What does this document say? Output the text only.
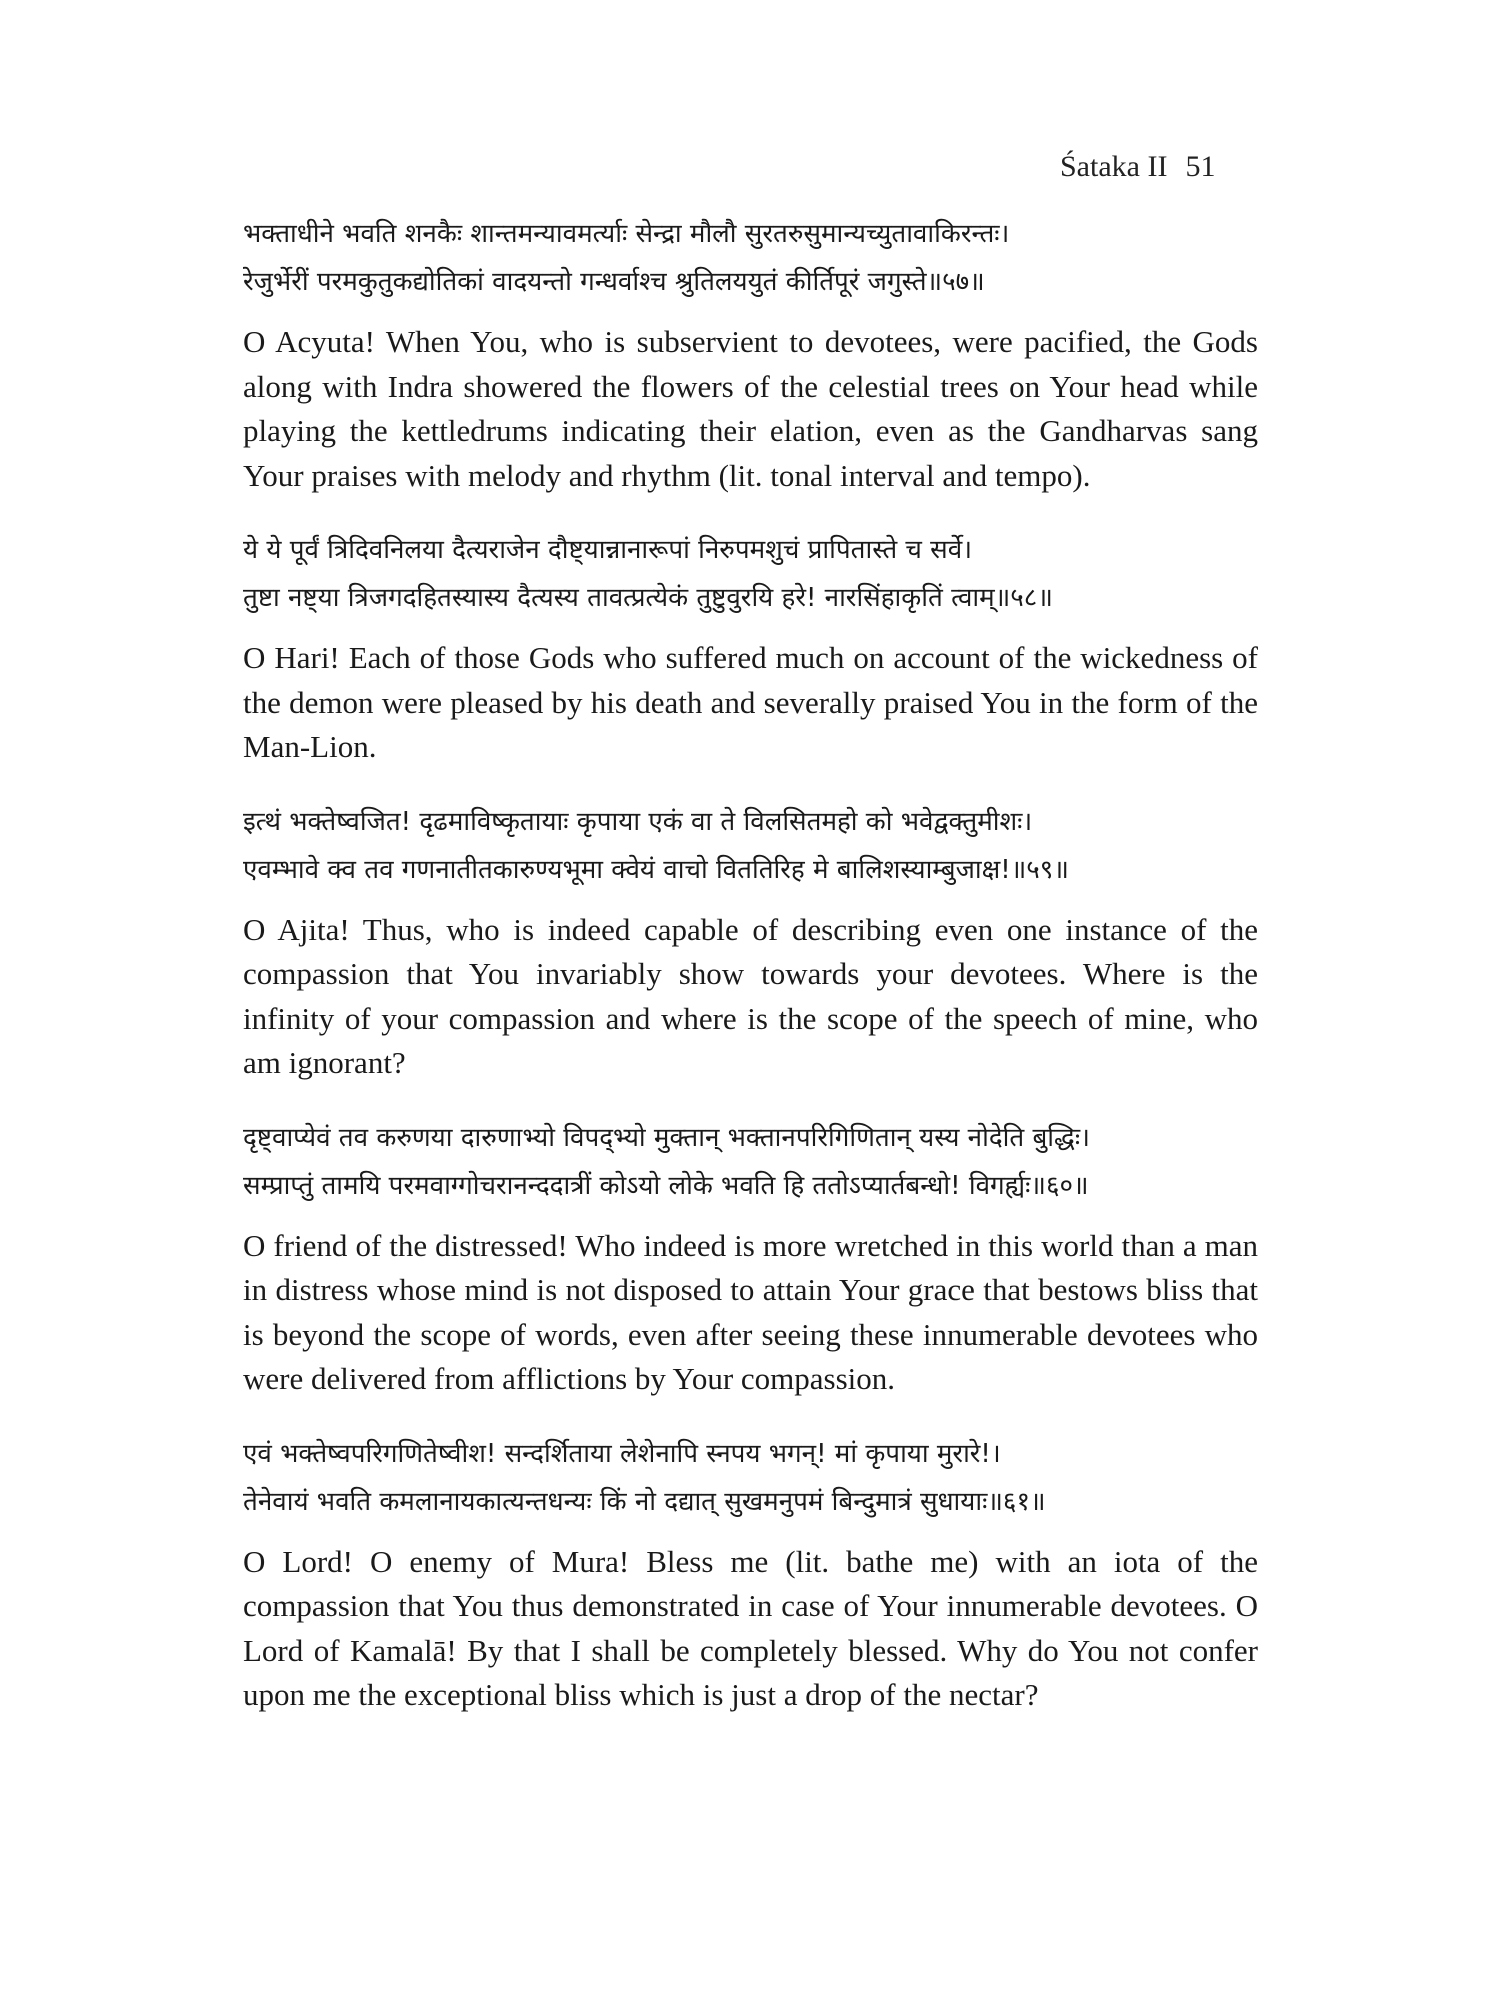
Śataka II 51
भक्ताधीने भवति शनकैः शान्तमन्यावमर्त्याः सेन्द्रा मौलौ सुरतरुसुमान्यच्युतावाकिरन्तः।
रेजुर्भेरीं परमकुतुकद्योतिकां वादयन्तो गन्धर्वाश्च श्रुतिलययुतं कीर्तिपूरं जगुस्ते॥५७॥

O Acyuta! When You, who is subservient to devotees, were pacified, the Gods along with Indra showered the flowers of the celestial trees on Your head while playing the kettledrums indicating their elation, even as the Gandharvas sang Your praises with melody and rhythm (lit. tonal interval and tempo).

ये ये पूर्वं त्रिदिवनिलया दैत्यराजेन दौष्ट्यान्नानारूपां निरुपमशुचं प्रापितास्ते च सर्वे।
तुष्टा नष्ट्या त्रिजगदहितस्यास्य दैत्यस्य तावत्प्रत्येकं तुष्टुवुरयि हरे! नारसिंहाकृतिं त्वाम्॥५८॥

O Hari! Each of those Gods who suffered much on account of the wickedness of the demon were pleased by his death and severally praised You in the form of the Man-Lion.

इत्थं भक्तेष्वजित! दृढमाविष्कृतायाः कृपाया एकं वा ते विलसितमहो को भवेद्वक्तुमीशः।
एवम्भावे क्व तव गणनातीतकारुण्यभूमा क्वेयं वाचो विततिरिह मे बालिशस्याम्बुजाक्ष!॥५९॥

O Ajita! Thus, who is indeed capable of describing even one instance of the compassion that You invariably show towards your devotees. Where is the infinity of your compassion and where is the scope of the speech of mine, who am ignorant?

दृष्ट्वाप्येवं तव करुणया दारुणाभ्यो विपद्भ्यो मुक्तान् भक्तानपरिगिणितान् यस्य नोदेति बुद्धिः।
सम्प्राप्तुं तामयि परमवाग्गोचरानन्ददात्रीं कोऽयो लोके भवति हि ततोऽप्यार्तबन्धो! विगर्ह्यः॥६०॥

O friend of the distressed! Who indeed is more wretched in this world than a man in distress whose mind is not disposed to attain Your grace that bestows bliss that is beyond the scope of words, even after seeing these innumerable devotees who were delivered from afflictions by Your compassion.

एवं भक्तेष्वपरिगणितेष्वीश! सन्दर्शिताया लेशेनापि स्नपय भगन्! मां कृपाया मुरारे!।
तेनेवायं भवति कमलानायकात्यन्तधन्यः किं नो दद्यात् सुखमनुपमं बिन्दुमात्रं सुधायाः॥६१॥

O Lord! O enemy of Mura! Bless me (lit. bathe me) with an iota of the compassion that You thus demonstrated in case of Your innumerable devotees. O Lord of Kamalā! By that I shall be completely blessed. Why do You not confer upon me the exceptional bliss which is just a drop of the nectar?
